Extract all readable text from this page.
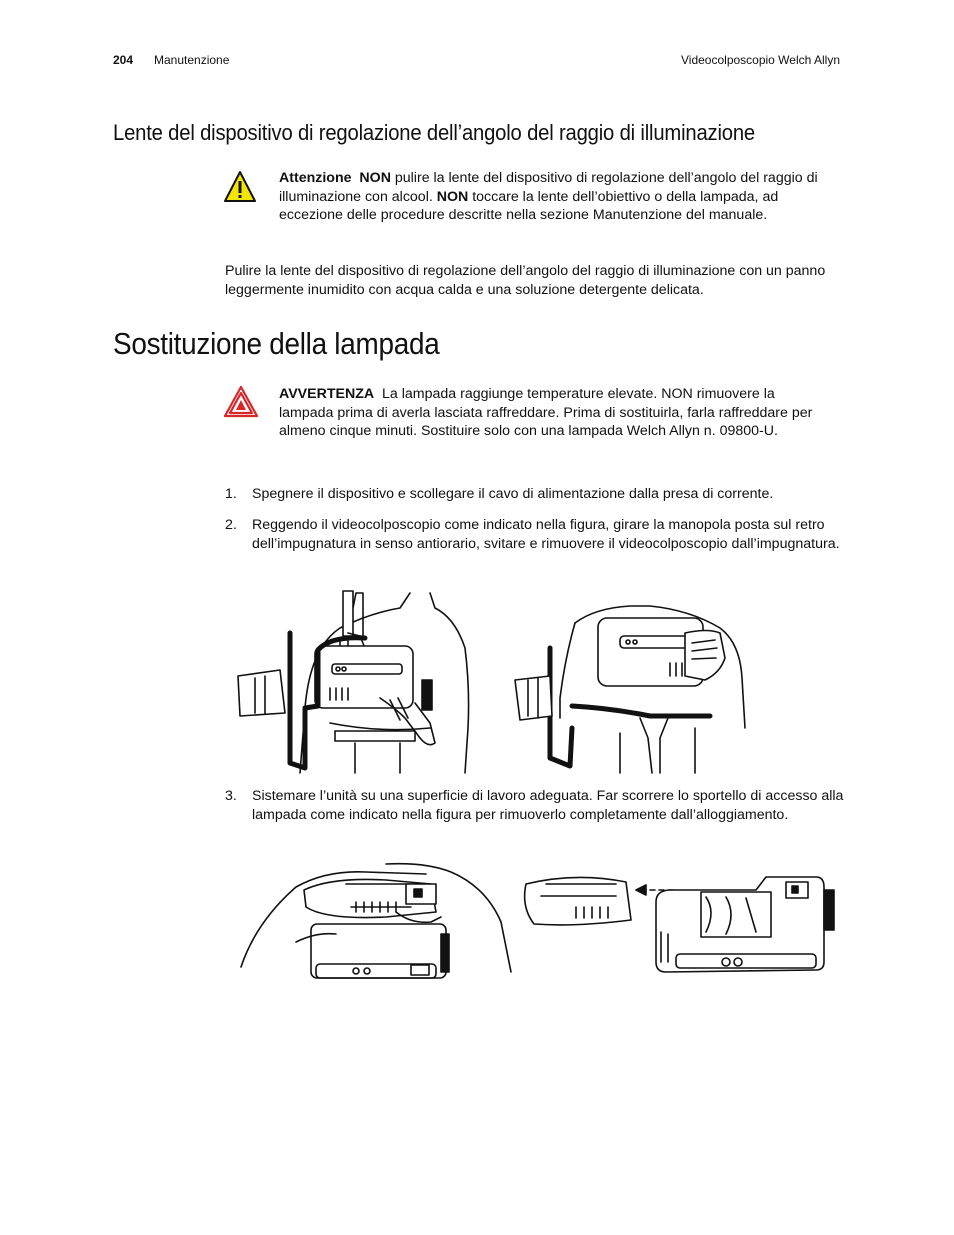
204 Manutenzione	Videocolposcopio Welch Allyn
Lente del dispositivo di regolazione dell’angolo del raggio di illuminazione
Attenzione NON pulire la lente del dispositivo di regolazione dell’angolo del raggio di illuminazione con alcool. NON toccare la lente dell’obiettivo o della lampada, ad eccezione delle procedure descritte nella sezione Manutenzione del manuale.
Pulire la lente del dispositivo di regolazione dell’angolo del raggio di illuminazione con un panno leggermente inumidito con acqua calda e una soluzione detergente delicata.
Sostituzione della lampada
AVVERTENZA La lampada raggiunge temperature elevate. NON rimuovere la lampada prima di averla lasciata raffreddare. Prima di sostituirla, farla raffreddare per almeno cinque minuti. Sostituire solo con una lampada Welch Allyn n. 09800-U.
1. Spegnere il dispositivo e scollegare il cavo di alimentazione dalla presa di corrente.
2. Reggendo il videocolposcopio come indicato nella figura, girare la manopola posta sul retro dell’impugnatura in senso antiorario, svitare e rimuovere il videocolposcopio dall’impugnatura.
3. Sistemare l’unità su una superficie di lavoro adeguata. Far scorrere lo sportello di accesso alla lampada come indicato nella figura per rimuoverlo completamente dall’alloggiamento.
